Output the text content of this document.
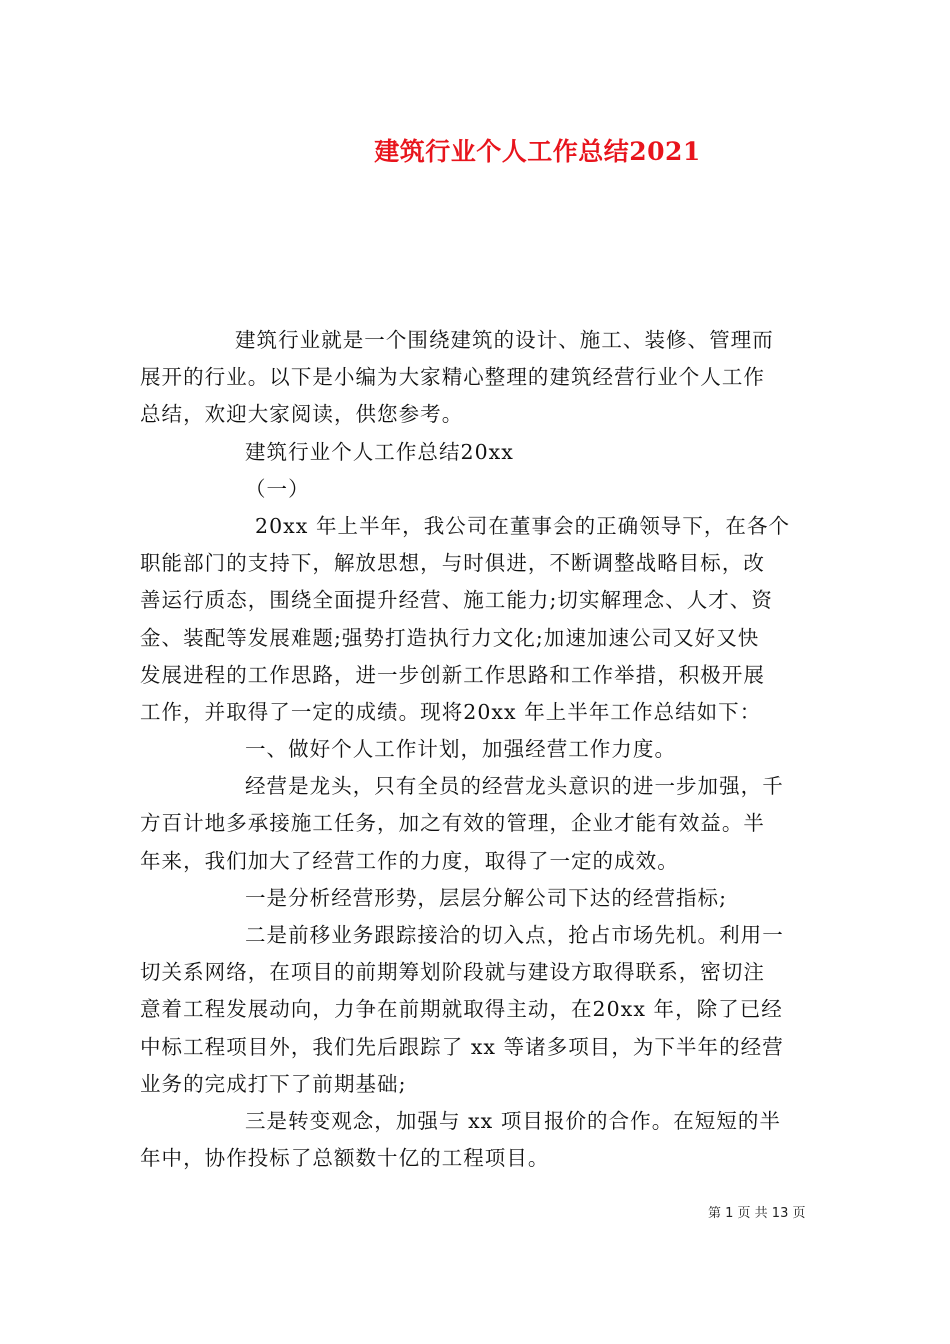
建筑行业个人工作总结2021
建筑行业就是一个围绕建筑的设计、施工、装修、管理而
展开的行业。以下是小编为大家精心整理的建筑经营行业个人工作
总结，欢迎大家阅读，供您参考。
建筑行业个人工作总结20xx
（一）
20xx 年上半年，我公司在董事会的正确领导下，在各个
职能部门的支持下，解放思想，与时俱进，不断调整战略目标，改
善运行质态，围绕全面提升经营、施工能力;切实解理念、人才、资
金、装配等发展难题;强势打造执行力文化;加速加速公司又好又快
发展进程的工作思路，进一步创新工作思路和工作举措，积极开展
工作，并取得了一定的成绩。现将20xx 年上半年工作总结如下：
一、做好个人工作计划，加强经营工作力度。
经营是龙头，只有全员的经营龙头意识的进一步加强，千
方百计地多承接施工任务，加之有效的管理，企业才能有效益。半
年来，我们加大了经营工作的力度，取得了一定的成效。
一是分析经营形势，层层分解公司下达的经营指标;
二是前移业务跟踪接洽的切入点，抢占市场先机。利用一
切关系网络，在项目的前期筹划阶段就与建设方取得联系，密切注
意着工程发展动向，力争在前期就取得主动，在20xx 年，除了已经
中标工程项目外，我们先后跟踪了 xx 等诸多项目，为下半年的经营
业务的完成打下了前期基础;
三是转变观念，加强与 xx 项目报价的合作。在短短的半
年中，协作投标了总额数十亿的工程项目。
第 1 页 共 13 页
